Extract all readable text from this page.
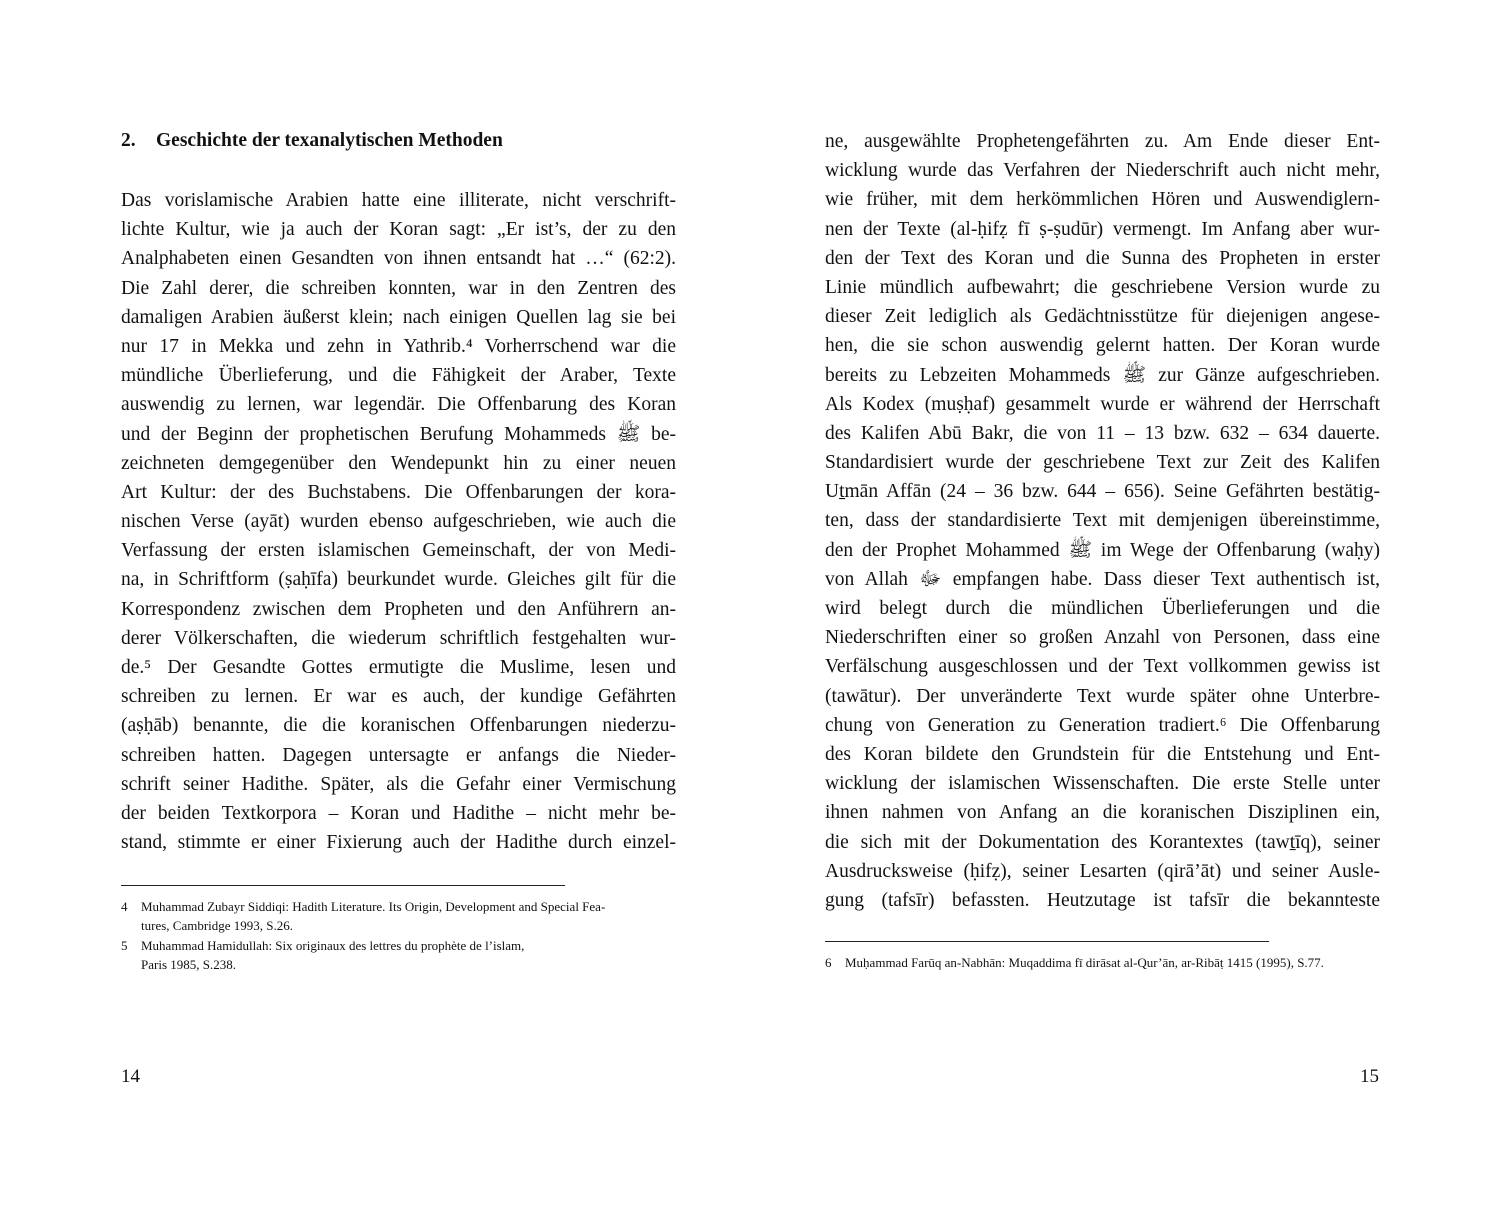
2. Geschichte der texanalytischen Methoden
Das vorislamische Arabien hatte eine illiterate, nicht verschrift-
lichte Kultur, wie ja auch der Koran sagt: „Er ist’s, der zu den
Analphabeten einen Gesandten von ihnen entsandt hat …“ (62:2).
Die Zahl derer, die schreiben konnten, war in den Zentren des
damaligen Arabien äußerst klein; nach einigen Quellen lag sie bei
nur 17 in Mekka und zehn in Yathrib.⁴ Vorherrschend war die
mündliche Überlieferung, und die Fähigkeit der Araber, Texte
auswendig zu lernen, war legendär. Die Offenbarung des Koran
und der Beginn der prophetischen Berufung Mohammeds ﷺ be-
zeichneten demgegenüber den Wendepunkt hin zu einer neuen
Art Kultur: der des Buchstabens. Die Offenbarungen der kora-
nischen Verse (ayāt) wurden ebenso aufgeschrieben, wie auch die
Verfassung der ersten islamischen Gemeinschaft, der von Medi-
na, in Schriftform (ṣaḥīfa) beurkundet wurde. Gleiches gilt für die
Korrespondenz zwischen dem Propheten und den Anführern an-
derer Völkerschaften, die wiederum schriftlich festgehalten wur-
de.⁵ Der Gesandte Gottes ermutigte die Muslime, lesen und
schreiben zu lernen. Er war es auch, der kundige Gefährten
(aṣḥāb) benannte, die die koranischen Offenbarungen niederzu-
schreiben hatten. Dagegen untersagte er anfangs die Nieder-
schrift seiner Hadithe. Später, als die Gefahr einer Vermischung
der beiden Textkorpora – Koran und Hadithe – nicht mehr be-
stand, stimmte er einer Fixierung auch der Hadithe durch einzel-
4 Muhammad Zubayr Siddiqi: Hadith Literature. Its Origin, Development and Special Fea-
tures, Cambridge 1993, S.26.
5 Muhammad Hamidullah: Six originaux des lettres du prophète de l’islam,
Paris 1985, S.238.
14
ne, ausgewählte Prophetengefährten zu. Am Ende dieser Ent-
wicklung wurde das Verfahren der Niederschrift auch nicht mehr,
wie früher, mit dem herkömmlichen Hören und Auswendiglern-
nen der Texte (al-ḥifẓ fī ṣ-ṣudūr) vermengt. Im Anfang aber wur-
den der Text des Koran und die Sunna des Propheten in erster
Linie mündlich aufbewahrt; die geschriebene Version wurde zu
dieser Zeit lediglich als Gedächtnisstütze für diejenigen angese-
hen, die sie schon auswendig gelernt hatten. Der Koran wurde
bereits zu Lebzeiten Mohammeds ﷺ zur Gänze aufgeschrieben.
Als Kodex (muṣḥaf) gesammelt wurde er während der Herrschaft
des Kalifen Abū Bakr, die von 11 – 13 bzw. 632 – 634 dauerte.
Standardisiert wurde der geschriebene Text zur Zeit des Kalifen
Uṯmān Affān (24 – 36 bzw. 644 – 656). Seine Gefährten bestätig-
ten, dass der standardisierte Text mit demjenigen übereinstimme,
den der Prophet Mohammed ﷺ im Wege der Offenbarung (waḥy)
von Allah ﷻ empfangen habe. Dass dieser Text authentisch ist,
wird belegt durch die mündlichen Überlieferungen und die
Niederschriften einer so großen Anzahl von Personen, dass eine
Verfälschung ausgeschlossen und der Text vollkommen gewiss ist
(tawātur). Der unveränderte Text wurde später ohne Unterbre-
chung von Generation zu Generation tradiert.⁶ Die Offenbarung
des Koran bildete den Grundstein für die Entstehung und Ent-
wicklung der islamischen Wissenschaften. Die erste Stelle unter
ihnen nahmen von Anfang an die koranischen Disziplinen ein,
die sich mit der Dokumentation des Korantextes (tawṯīq), seiner
Ausdrucksweise (ḥifẓ), seiner Lesarten (qirā’āt) und seiner Ausle-
gung (tafsīr) befassten. Heutzutage ist tafsīr die bekannteste
6 Muḥammad Farūq an-Nabhān: Muqaddima fī dirāsat al-Qur’ān, ar-Ribāṭ 1415 (1995), S.77.
15
